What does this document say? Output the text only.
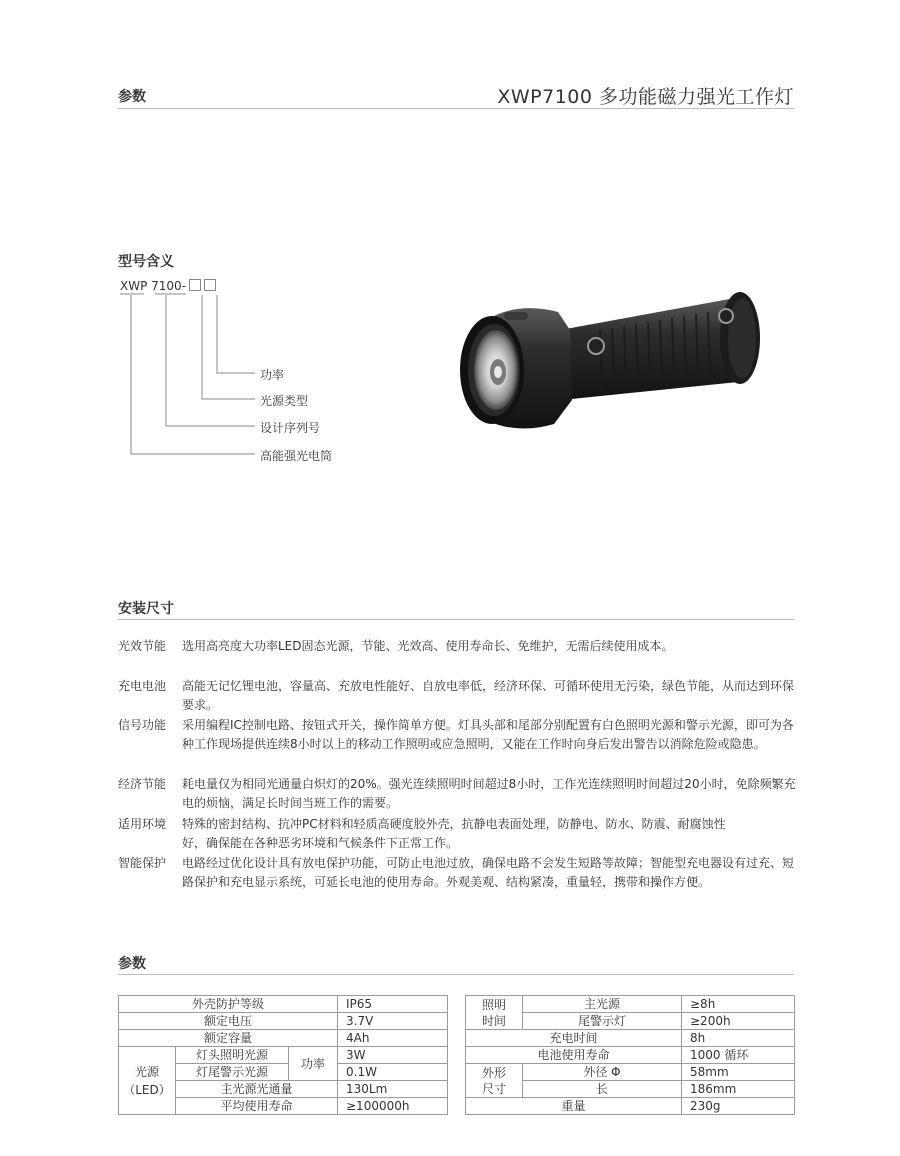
参数	XWP7100 多功能磁力强光工作灯
型号含义
XWP 7100-
功率
光源类型
设计序列号
高能强光电筒
安装尺寸
光效节能	选用高亮度大功率LED固态光源，节能、光效高、使用寿命长、免维护，无需后续使用成本。
充电电池	高能无记忆锂电池，容量高、充放电性能好、自放电率低，经济环保、可循环使用无污染，绿色节能，从而达到环保要求。
信号功能	采用编程IC控制电路、按钮式开关，操作简单方便。灯具头部和尾部分别配置有白色照明光源和警示光源，即可为各种工作现场提供连续8小时以上的移动工作照明或应急照明，又能在工作时向身后发出警告以消除危险或隐患。
经济节能	耗电量仅为相同光通量白炽灯的20%。强光连续照明时间超过8小时，工作光连续照明时间超过20小时，免除频繁充电的烦恼，满足长时间当班工作的需要。
适用环境	特殊的密封结构、抗冲PC材料和轻质高硬度胶外壳，抗静电表面处理，防静电、防水、防震、耐腐蚀性好，确保能在各种恶劣环境和气候条件下正常工作。
智能保护	电路经过优化设计具有放电保护功能，可防止电池过放，确保电路不会发生短路等故障；智能型充电器设有过充、短路保护和充电显示系统，可延长电池的使用寿命。外观美观、结构紧凑，重量轻，携带和操作方便。
参数
外壳防护等级			IP65
额定电压			3.7V
额定容量			4Ah
光源
（LED）	灯头照明光源	功率	3W
	灯尾警示光源		0.1W
	主光源光通量		130Lm
	平均使用寿命		≥100000h
照明
时间	主光源	≥8h
	尾警示灯	≥200h
充电时间		8h
电池使用寿命		1000 循环
外形
尺寸	外径 Φ	58mm
	长	186mm
重量		230g
